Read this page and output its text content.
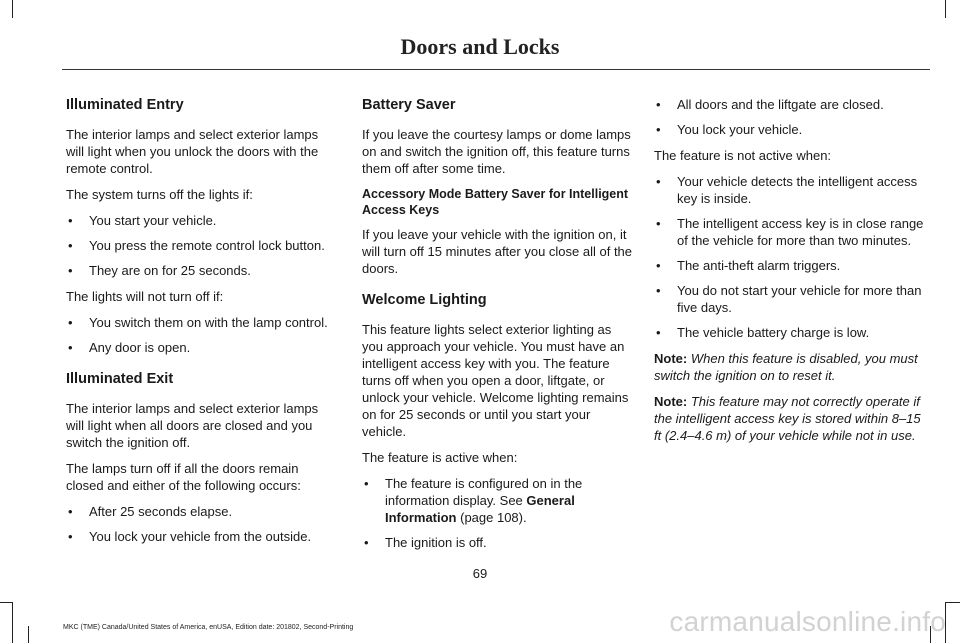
Doors and Locks
Illuminated Entry

The interior lamps and select exterior lamps will light when you unlock the doors with the remote control.

The system turns off the lights if:

• You start your vehicle.
• You press the remote control lock button.
• They are on for 25 seconds.

The lights will not turn off if:

• You switch them on with the lamp control.
• Any door is open.
Illuminated Exit

The interior lamps and select exterior lamps will light when all doors are closed and you switch the ignition off.

The lamps turn off if all the doors remain closed and either of the following occurs:

• After 25 seconds elapse.
• You lock your vehicle from the outside.
Battery Saver

If you leave the courtesy lamps or dome lamps on and switch the ignition off, this feature turns them off after some time.

Accessory Mode Battery Saver for Intelligent Access Keys

If you leave your vehicle with the ignition on, it will turn off 15 minutes after you close all of the doors.

Welcome Lighting

This feature lights select exterior lighting as you approach your vehicle. You must have an intelligent access key with you. The feature turns off when you open a door, liftgate, or unlock your vehicle. Welcome lighting remains on for 25 seconds or until you start your vehicle.

The feature is active when:

• The feature is configured on in the information display. See General Information (page 108).
• The ignition is off.
• All doors and the liftgate are closed.
• You lock your vehicle.

The feature is not active when:

• Your vehicle detects the intelligent access key is inside.
• The intelligent access key is in close range of the vehicle for more than two minutes.
• The anti-theft alarm triggers.
• You do not start your vehicle for more than five days.
• The vehicle battery charge is low.

Note: When this feature is disabled, you must switch the ignition on to reset it.

Note: This feature may not correctly operate if the intelligent access key is stored within 8–15 ft (2.4–4.6 m) of your vehicle while not in use.

69
MKC (TME) Canada/United States of America, enUSA, Edition date: 201802, Second-Printing	carmanualsonline.info
